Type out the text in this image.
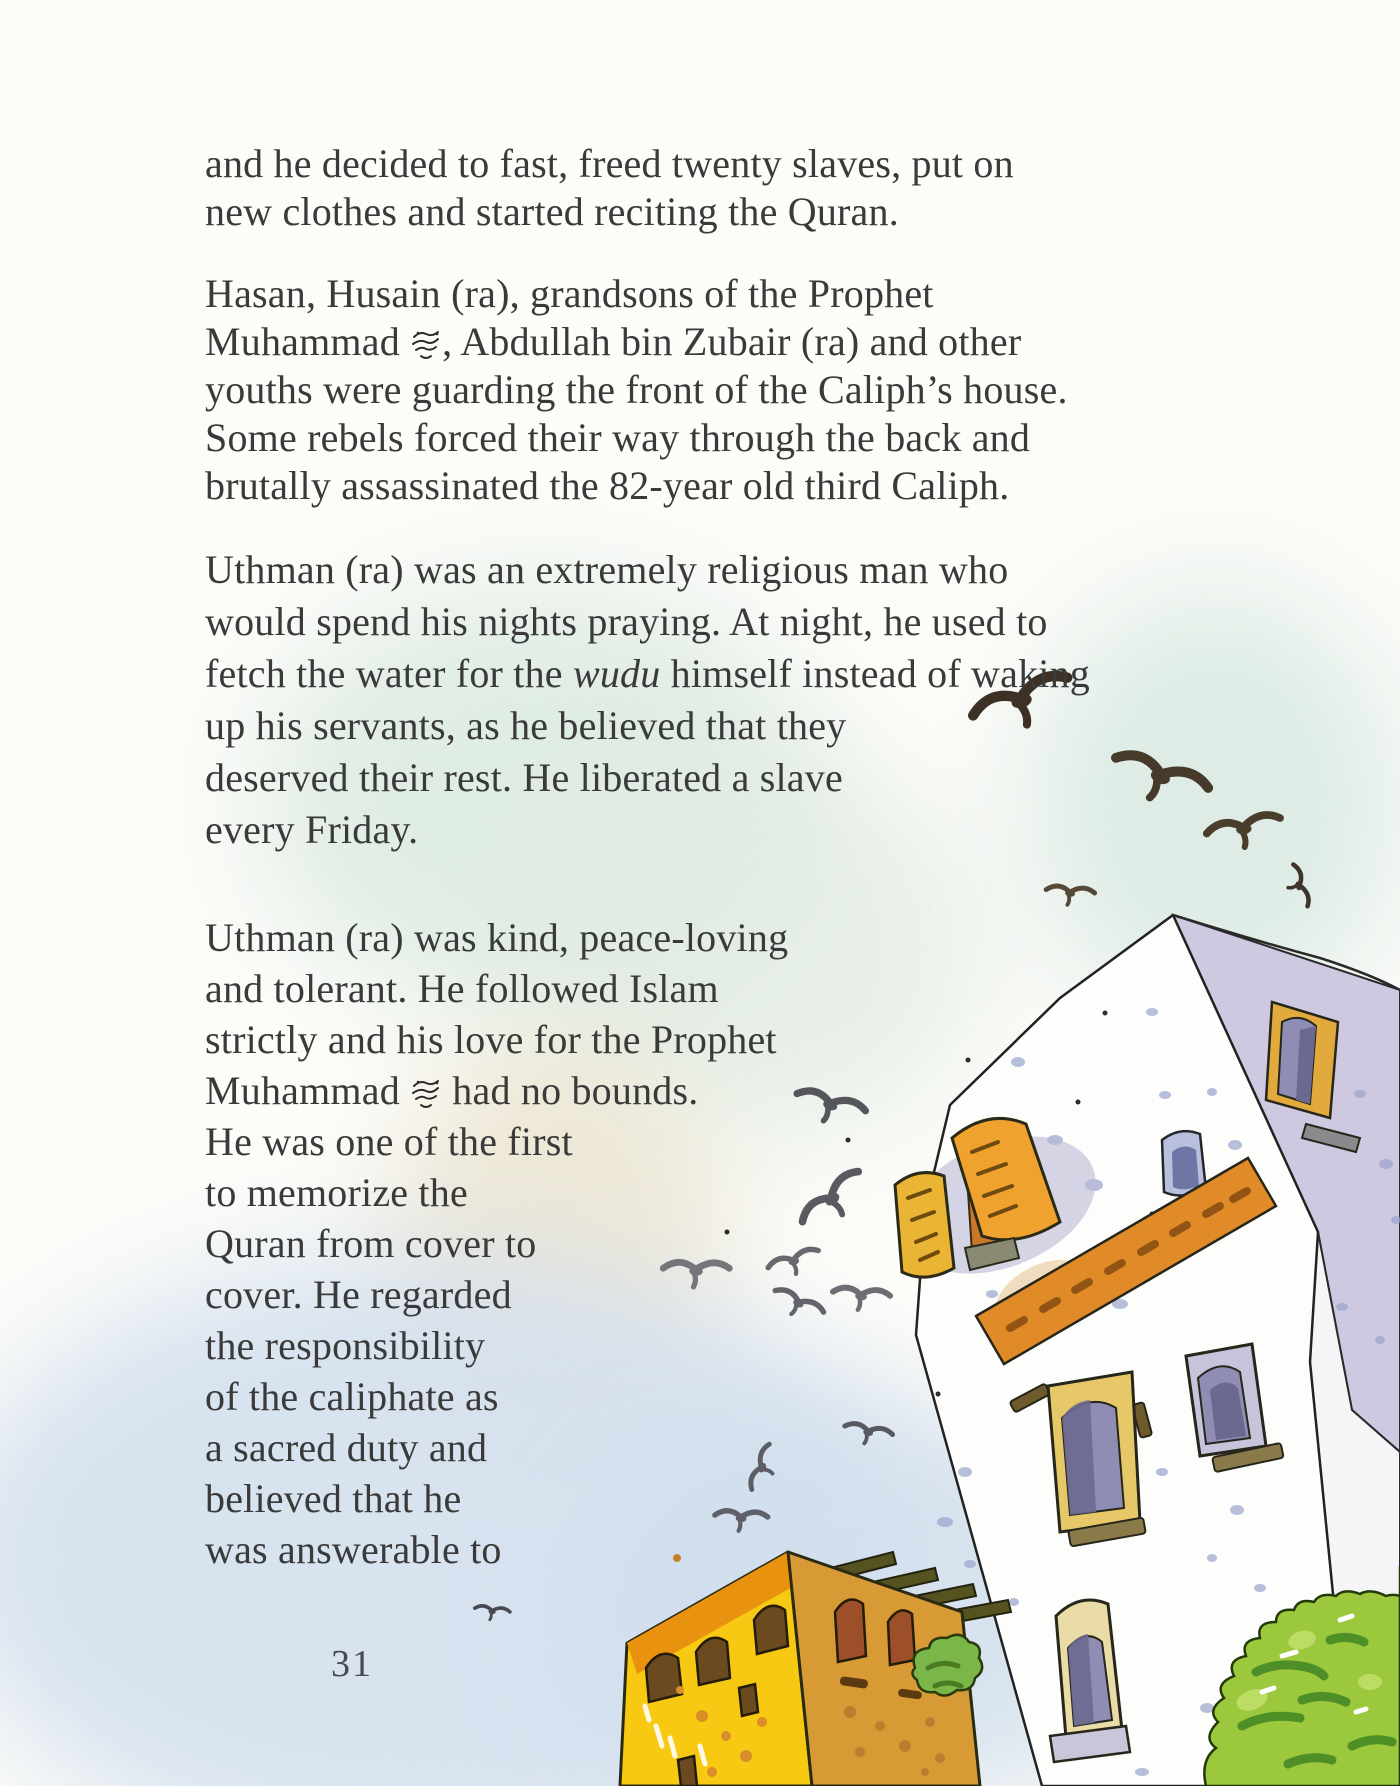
and he decided to fast, freed twenty slaves, put on
new clothes and started reciting the Quran.
Hasan, Husain (ra), grandsons of the Prophet
Muhammad , Abdullah bin Zubair (ra) and other
youths were guarding the front of the Caliph’s house.
Some rebels forced their way through the back and
brutally assassinated the 82-year old third Caliph.
Uthman (ra) was an extremely religious man who
would spend his nights praying. At night, he used to
fetch the water for the wudu himself instead of waking
up his servants, as he believed that they
deserved their rest. He liberated a slave
every Friday.
Uthman (ra) was kind, peace-loving
and tolerant. He followed Islam
strictly and his love for the Prophet
Muhammad  had no bounds.
He was one of the first
to memorize the
Quran from cover to
cover. He regarded
the responsibility
of the caliphate as
a sacred duty and
believed that he
was answerable to
31
